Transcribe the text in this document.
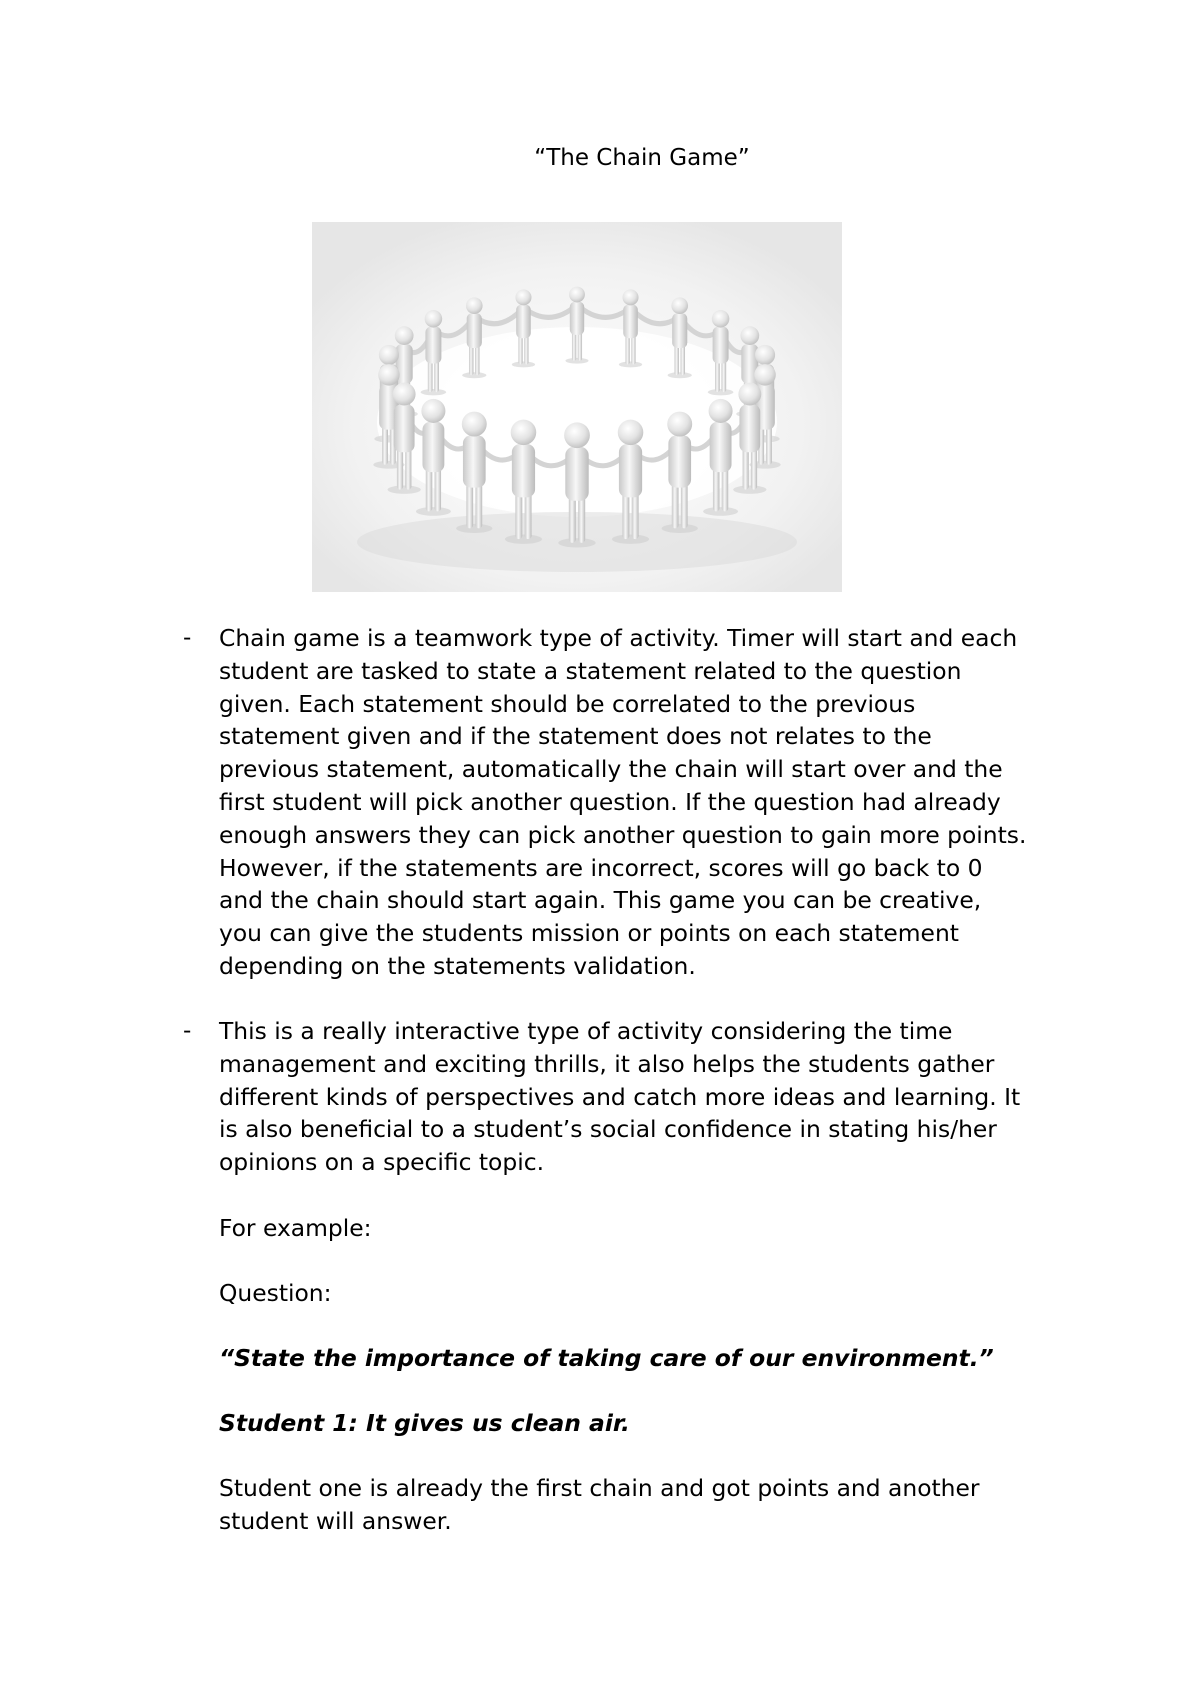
“The Chain Game”
- Chain game is a teamwork type of activity. Timer will start and each
student are tasked to state a statement related to the question
given. Each statement should be correlated to the previous
statement given and if the statement does not relates to the
previous statement, automatically the chain will start over and the
first student will pick another question. If the question had already
enough answers they can pick another question to gain more points.
However, if the statements are incorrect, scores will go back to 0
and the chain should start again. This game you can be creative,
you can give the students mission or points on each statement
depending on the statements validation.
- This is a really interactive type of activity considering the time
management and exciting thrills, it also helps the students gather
different kinds of perspectives and catch more ideas and learning. It
is also beneficial to a student’s social confidence in stating his/her
opinions on a specific topic.
For example:
Question:
“State the importance of taking care of our environment.”
Student 1: It gives us clean air.
Student one is already the first chain and got points and another
student will answer.
